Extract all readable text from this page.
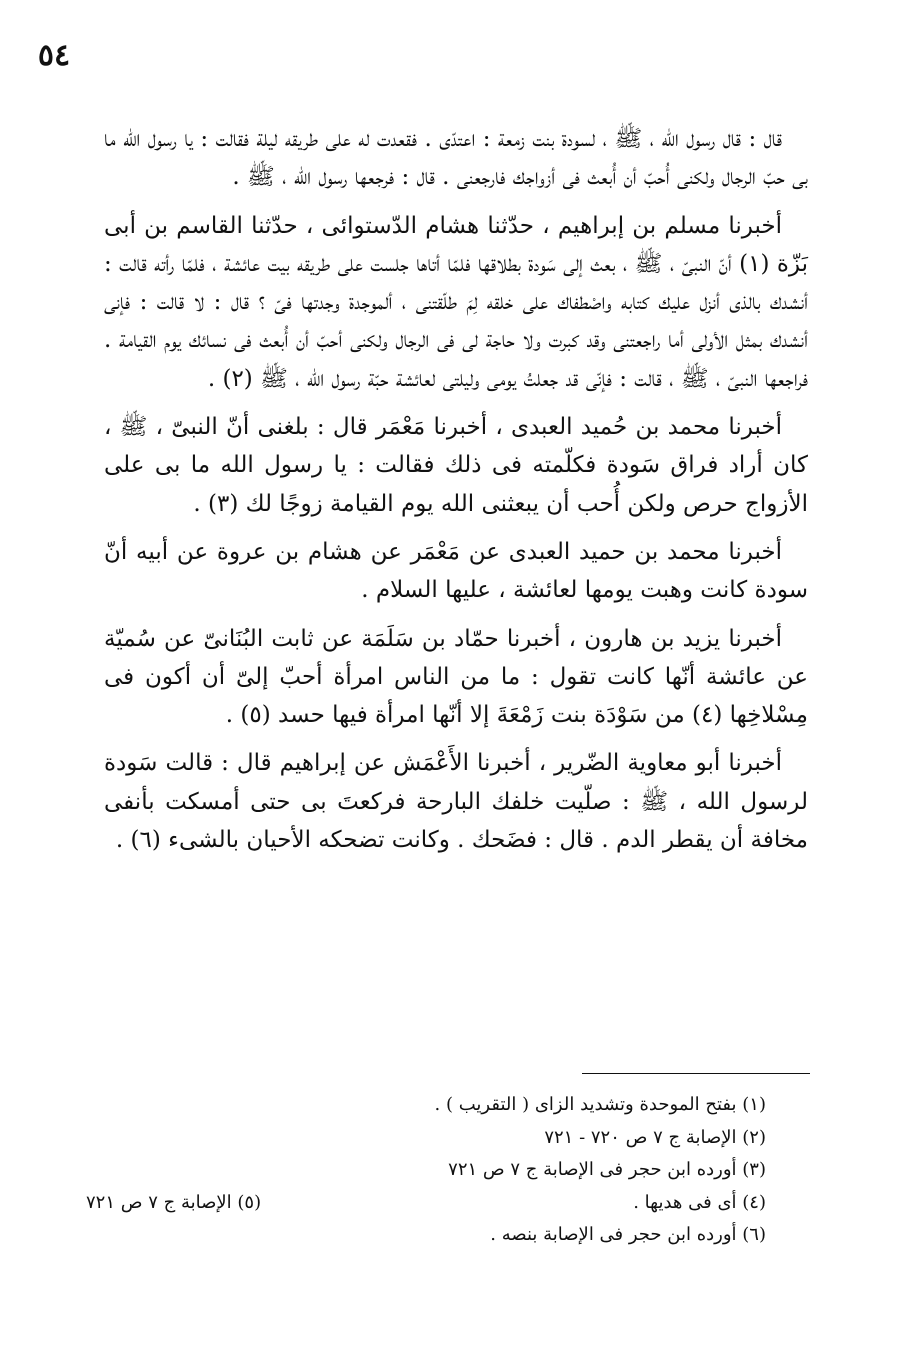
٥٤

قال : قال رسول الله ، ﷺ ، لسودة بنت زمعة : اعتدّى . فقعدت له على طريقه ليلة فقالت : يا رسول الله ما بى حبّ الرجال ولكنى أُحبّ أن أُبعث فى أزواجك فارجعنى . قال : فرجعها رسول الله ، ﷺ .

أخبرنا مسلم بن إبراهيم ، حدّثنا هشام الدّستوائى ، حدّثنا القاسم بن أبى بَزّة (١) أنّ النبىّ ، ﷺ ، بعث إلى سَودة بطلاقها فلمّا أتاها جلست على طريقه بيت عائشة ، فلمّا رأته قالت : أنشدك بالذى أنزل عليك كتابه واصْطفاك على خلقه لِمَ طلّقتنى ، ألموجدة وجدتها فىّ ؟ قال : لا قالت : فإنى أنشدك بمثل الأولى أما راجعتنى وقد كبرت ولا حاجة لى فى الرجال ولكنى أحبّ أن أُبعث فى نسائك يوم القيامة . فراجعها النبىّ ، ﷺ ، قالت : فإنّى قد جعلتُ يومى وليلتى لعائشة حبّة رسول الله ، ﷺ (٢) .

أخبرنا محمد بن حُميد العبدى ، أخبرنا مَعْمَر قال : بلغنى أنّ النبىّ ، ﷺ ، كان أراد فراق سَودة فكلّمته فى ذلك فقالت : يا رسول الله ما بى على الأزواج حرص ولكن أُحب أن يبعثنى الله يوم القيامة زوجًا لك (٣) .

أخبرنا محمد بن حميد العبدى عن مَعْمَر عن هشام بن عروة عن أبيه أنّ سودة كانت وهبت يومها لعائشة ، عليها السلام .

أخبرنا يزيد بن هارون ، أخبرنا حمّاد بن سَلَمَة عن ثابت البُنَانىّ عن سُميّة عن عائشة أنّها كانت تقول : ما من الناس امرأة أحبّ إلىّ أن أكون فى مِسْلاخِها (٤) من سَوْدَة بنت زَمْعَةَ إلا أنّها امرأة فيها حسد (٥) .

أخبرنا أبو معاوية الضّرير ، أخبرنا الأَعْمَش عن إبراهيم قال : قالت سَودة لرسول الله ، ﷺ : صلّيت خلفك البارحة فركعتَ بى حتى أمسكت بأنفى مخافة أن يقطر الدم . قال : فضَحك . وكانت تضحكه الأحيان بالشىء (٦) .

(١) بفتح الموحدة وتشديد الزاى ( التقريب ) .
(٢) الإصابة ج ٧ ص ٧٢٠ - ٧٢١
(٣) أورده ابن حجر فى الإصابة ج ٧ ص ٧٢١
(٤) أى فى هديها .
(٥) الإصابة ج ٧ ص ٧٢١
(٦) أورده ابن حجر فى الإصابة بنصه .
